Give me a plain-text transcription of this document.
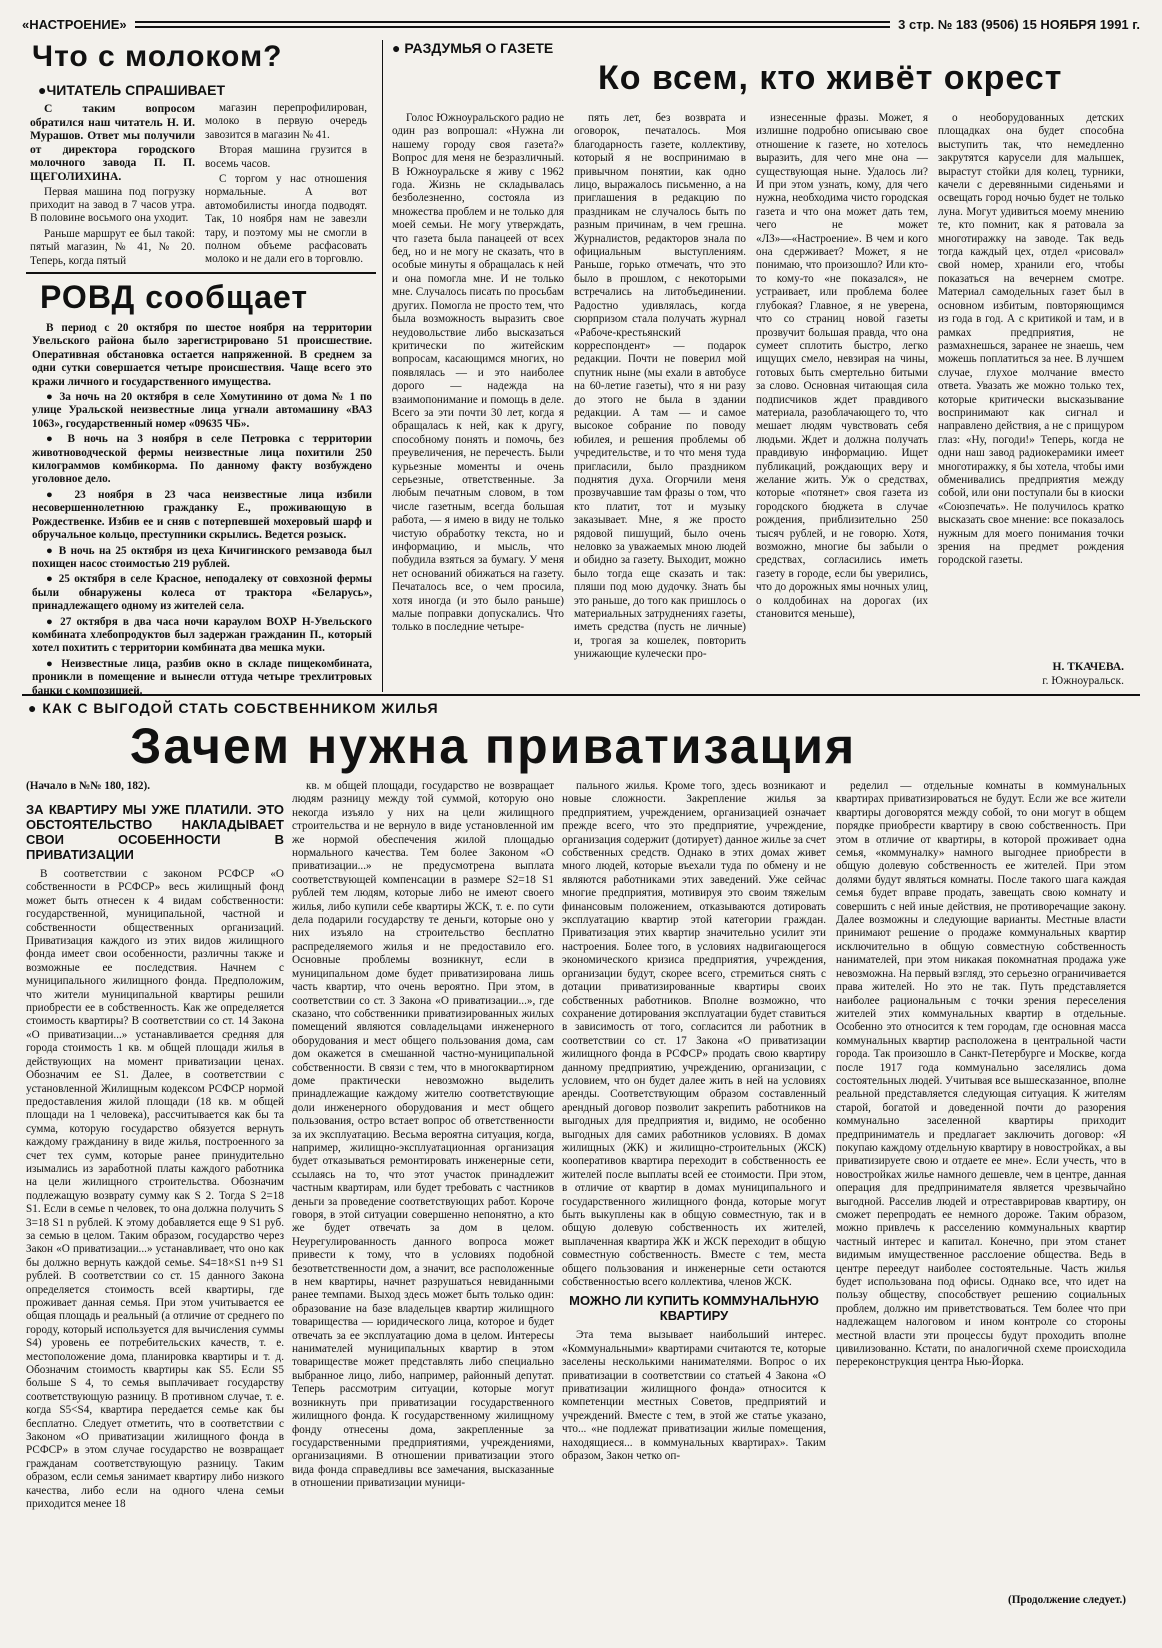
«НАСТРОЕНИЕ»	3 стр. № 183 (9506) 15 НОЯБРЯ 1991 г.
Что с молоком?
●ЧИТАТЕЛЬ СПРАШИВАЕТ

С таким вопросом обратился наш читатель Н. И. Мурашов. Ответ мы получили от директора городского молочного завода П. П. ЩЕГОЛИХИНА.

Первая машина под погрузку приходит на завод в 7 часов утра. В половине восьмого она уходит.

Раньше маршрут ее был такой: пятый магазин, № 41, № 20. Теперь, когда пятый

магазин перепрофилирован, молоко в первую очередь завозится в магазин № 41.

Вторая машина грузится в восемь часов.

С торгом у нас отношения нормальные. А вот автомобилисты иногда подводят. Так, 10 ноября нам не завезли тару, и поэтому мы не смогли в полном объеме расфасовать молоко и не дали его в торговлю.

РОВД сообщает

В период с 20 октября по шестое ноября на территории Увельского района было зарегистрировано 51 происшествие. Оперативная обстановка остается напряженной. В среднем за одни сутки совершается четыре происшествия. Чаще всего это кражи личного и государственного имущества.

● За ночь на 20 октября в селе Хомутинино от дома № 1 по улице Уральской неизвестные лица угнали автомашину «ВАЗ 1063», государственный номер «09635 ЧБ».

● В ночь на 3 ноября в селе Петровка с территории животноводческой фермы неизвестные лица похитили 250 килограммов комбикорма. По данному факту возбуждено уголовное дело.

● 23 ноября в 23 часа неизвестные лица избили несовершеннолетнюю гражданку Е., проживающую в Рождественке. Избив ее и сняв с потерпевшей мохеровый шарф и обручальное кольцо, преступники скрылись. Ведется розыск.

● В ночь на 25 октября из цеха Кичигинского ремзавода был похищен насос стоимостью 219 рублей.

● 25 октября в селе Красное, неподалеку от совхозной фермы были обнаружены колеса от трактора «Беларусь», принадлежащего одному из жителей села.

● 27 октября в два часа ночи караулом ВОХР Н-Увельского комбината хлебопродуктов был задержан гражданин П., который хотел похитить с территории комбината два мешка муки.

● Неизвестные лица, разбив окно в складе пищекомбината, проникли в помещение и вынесли оттуда четыре трехлитровых банки с композицией.

● РАЗДУМЬЯ О ГАЗЕТЕ
Ко всем, кто живёт окрест

Голос Южноуральского радио не один раз вопрошал: «Нужна ли нашему городу своя газета?» Вопрос для меня не безразличный. В Южноуральске я живу с 1962 года. Жизнь не складывалась безболезненно, состояла из множества проблем и не только для моей семьи. Не могу утверждать, что газета была панацеей от всех бед, но и не могу не сказать, что в особые минуты я обращалась к ней и она помогла мне. И не только мне. Случалось писать по просьбам других. Помогла не просто тем, что была возможность выразить свое неудовольствие либо высказаться критически по житейским вопросам, касающимся многих, но появлялась — и это наиболее дорого — надежда на взаимопонимание и помощь в деле. Всего за эти почти 30 лет, когда я обращалась к ней, как к другу, способному понять и помочь, без преувеличения, не перечесть. Были курьезные моменты и очень серьезные, ответственные. За любым печатным словом, в том числе газетным, всегда большая работа, — я имею в виду не только чистую обработку текста, но и информацию, и мысль, что побудила взяться за бумагу. У меня нет оснований обижаться на газету. Печаталось все, о чем просила, хотя иногда (и это было раньше) малые поправки допускались. Что только в последние четыре-

пять лет, без возврата и оговорок, печаталось. Моя благодарность газете, коллективу, который я не воспринимаю в привычном понятии, как одно лицо, выражалось письменно, а на приглашения в редакцию по праздникам не случалось быть по разным причинам, в чем грешна. Журналистов, редакторов знала по официальным выступлениям. Раньше, горько отмечать, что это было в прошлом, с некоторыми встречались на литобъединении. Радостно удивлялась, когда сюрпризом стала получать журнал «Рабоче-крестьянский корреспондент» — подарок редакции. Почти не поверил мой спутник ныне (мы ехали в автобусе на 60-летие газеты), что я ни разу до этого не была в здании редакции. А там — и самое высокое собрание по поводу юбилея, и решения проблемы об учредительстве, и то что меня туда пригласили, было праздником поднятия духа. Огорчили меня прозвучавшие там фразы о том, что кто платит, тот и музыку заказывает. Мне, я же просто рядовой пишущий, было очень неловко за уважаемых мною людей и обидно за газету. Выходит, можно было тогда еще сказать и так: пляши под мою дудочку. Знать бы это раньше, до того как пришлось о материальных затруднениях газеты, иметь средства (пусть не личные) и, трогая за кошелек, повторить унижающие кулечески про-

изнесенные фразы. Может, я излишне подробно описываю свое отношение к газете, но хотелось выразить, для чего мне она — существующая ныне. Удалось ли? И при этом узнать, кому, для чего нужна, необходима чисто городская газета и что она может дать тем, чего не может «ЛЗ»—«Настроение». В чем и кого она сдерживает? Может, я не понимаю, что произошло? Или кто-то кому-то «не показался», не устраивает, или проблема более глубокая? Главное, я не уверена, что со страниц новой газеты прозвучит большая правда, что она сумеет сплотить быстро, легко ищущих смело, невзирая на чины, готовых быть смертельно битыми за слово. Основная читающая сила подписчиков ждет правдивого материала, разоблачающего то, что мешает людям чувствовать себя людьми. Ждет и должна получать правдивую информацию. Ищет публикаций, рождающих веру и желание жить. Уж о средствах, которые «потянет» своя газета из городского бюджета в случае рождения, приблизительно 250 тысяч рублей, и не говорю. Хотя, возможно, многие бы забыли о средствах, согласились иметь газету в городе, если бы уверились, что до дорожных ямы ночных улиц, о колдобинах на дорогах (их становится меньше),

о необорудованных детских площадках она будет способна выступить так, что немедленно закрутятся карусели для малышек, вырастут стойки для колец, турники, качели с деревянными сиденьями и освещать город ночью будет не только луна. Могут удивиться моему мнению те, кто помнит, как я ратовала за многотиражку на заводе. Так ведь тогда каждый цех, отдел «рисовал» свой номер, хранили его, чтобы показаться на вечернем смотре. Материал самодельных газет был в основном избитым, повторяющимся из года в год. А с критикой и там, и в рамках предприятия, не размахнешься, заранее не знаешь, чем можешь поплатиться за нее. В лучшем случае, глухое молчание вместо ответа. Увазать же можно только тех, которые критически высказывание воспринимают как сигнал и направлено действия, а не с прищуром глаз: «Ну, погоди!» Теперь, когда не одни наш завод радиокерамики имеет многотиражку, я бы хотела, чтобы ими обменивались предприятия между собой, или они поступали бы в киоски «Союзпечать». Не получилось кратко высказать свое мнение: все показалось нужным для моего понимания точки зрения на предмет рождения городской газеты.

Н. ТКАЧЕВА.
г. Южноуральск.
● КАК С ВЫГОДОЙ СТАТЬ СОБСТВЕННИКОМ ЖИЛЬЯ
Зачем нужна приватизация
(Начало в №№ 180, 182).
ЗА КВАРТИРУ МЫ УЖЕ ПЛАТИЛИ. ЭТО ОБСТОЯТЕЛЬСТВО НАКЛАДЫВАЕТ СВОИ ОСОБЕННОСТИ В ПРИВАТИЗАЦИИ

В соответствии с законом РСФСР «О собственности в РСФСР» весь жилищный фонд может быть отнесен к 4 видам собственности: государственной, муниципальной, частной и собственности общественных организаций. Приватизация каждого из этих видов жилищного фонда имеет свои особенности, различны также и возможные ее последствия. Начнем с муниципального жилищного фонда. Предположим, что жители муниципальной квартиры решили приобрести ее в собственность. Как же определяется стоимость квартиры? В соответствии со ст. 14 Закона «О приватизации...» устанавливается средняя для города стоимость 1 кв. м общей площади жилья в действующих на момент приватизации ценах. Обозначим ее S1. Далее, в соответствии с установленной Жилищным кодексом РСФСР нормой предоставления жилой площади (18 кв. м общей площади на 1 человека), рассчитывается как бы та сумма, которую государство обязуется вернуть каждому гражданину в виде жилья, построенного за счет тех сумм, которые ранее принудительно изымались из заработной платы каждого работника на цели жилищного строительства. Обозначим подлежащую возврату сумму как S 2. Тогда S 2=18 S1. Если в семье n человек, то она должна получить S 3=18 S1 n рублей. К этому добавляется еще 9 S1 руб. за семью в целом. Таким образом, государство через Закон «О приватизации...» устанавливает, что оно как бы должно вернуть каждой семье. S4=18×S1 n+9 S1 рублей. В соответствии со ст. 15 данного Закона определяется стоимость всей квартиры, где проживает данная семья. При этом учитывается ее общая площадь и реальный (а отличие от среднего по городу, который используется для вычисления суммы S4) уровень ее потребительских качеств, т. е. местоположение дома, планировка квартиры и т. д. Обозначим стоимость квартиры как S5. Если S5 больше S 4, то семья выплачивает государству соответствующую разницу. В противном случае, т. е. когда S5<S4, квартира передается семье как бы бесплатно. Следует отметить, что в соответствии с Законом «О приватизации жилищного фонда в РСФСР» в этом случае государство не возвращает гражданам соответствующую разницу. Таким образом, если семья занимает квартиру либо низкого качества, либо если на одного члена семьи приходится менее 18

кв. м общей площади, государство не возвращает людям разницу между той суммой, которую оно некогда изъяло у них на цели жилищного строительства и не вернуло в виде установленной им же нормой обеспечения жилой площадью нормального качества. Тем более Законом «О приватизации...» не предусмотрена выплата соответствующей компенсации в размере S2=18 S1 рублей тем людям, которые либо не имеют своего жилья, либо купили себе квартиры ЖСК, т. е. по сути дела подарили государству те деньги, которые оно у них изъяло на строительство бесплатно распределяемого жилья и не предоставило его. Основные проблемы возникнут, если в муниципальном доме будет приватизирована лишь часть квартир, что очень вероятно. При этом, в соответствии со ст. 3 Закона «О приватизации...», где сказано, что собственники приватизированных жилых помещений являются совладельцами инженерного оборудования и мест общего пользования дома, сам дом окажется в смешанной частно-муниципальной собственности. В связи с тем, что в многоквартирном доме практически невозможно выделить принадлежащие каждому жителю соответствующие доли инженерного оборудования и мест общего пользования, остро встает вопрос об ответственности за их эксплуатацию. Весьма вероятна ситуация, когда, например, жилищно-эксплуатационная организация будет отказываться ремонтировать инженерные сети, ссылаясь на то, что этот участок принадлежит частным квартирам, или будет требовать с частников деньги за проведение соответствующих работ. Короче говоря, в этой ситуации совершенно непонятно, а кто же будет отвечать за дом в целом. Неурегулированность данного вопроса может привести к тому, что в условиях подобной безответственности дом, а значит, все расположенные в нем квартиры, начнет разрушаться невиданными ранее темпами. Выход здесь может быть только один: образование на базе владельцев квартир жилищного товарищества — юридического лица, которое и будет отвечать за ее эксплуатацию дома в целом. Интересы нанимателей муниципальных квартир в этом товариществе может представлять либо специально выбранное лицо, либо, например, районный депутат. Теперь рассмотрим ситуации, которые могут возникнуть при приватизации государственного жилищного фонда. К государственному жилищному фонду отнесены дома, закрепленные за государственными предприятиями, учреждениями, организациями. В отношении приватизации этого вида фонда справедливы все замечания, высказанные в отношении приватизации муници-

пального жилья. Кроме того, здесь возникают и новые сложности. Закрепление жилья за предприятием, учреждением, организацией означает прежде всего, что это предприятие, учреждение, организация содержит (дотирует) данное жилье за счет собственных средств. Однако в этих домах живет много людей, которые въехали туда по обмену и не являются работниками этих заведений. Уже сейчас многие предприятия, мотивируя это своим тяжелым финансовым положением, отказываются дотировать эксплуатацию квартир этой категории граждан. Приватизация этих квартир значительно усилит эти настроения. Более того, в условиях надвигающегося экономического кризиса предприятия, учреждения, организации будут, скорее всего, стремиться снять с дотации приватизированные квартиры своих собственных работников. Вполне возможно, что сохранение дотирования эксплуатации будет ставиться в зависимость от того, согласится ли работник в соответствии со ст. 17 Закона «О приватизации жилищного фонда в РСФСР» продать свою квартиру данному предприятию, учреждению, организации, с условием, что он будет далее жить в ней на условиях аренды. Соответствующим образом составленный арендный договор позволит закрепить работников на выгодных для предприятия и, видимо, не особенно выгодных для самих работников условиях. В домах жилищных (ЖК) и жилищно-строительных (ЖСК) кооперативов квартира переходит в собственность ее жителей после выплаты всей ее стоимости. При этом, в отличие от квартир в домах муниципального и государственного жилищного фонда, которые могут быть выкуплены как в общую совместную, так и в общую долевую собственность их жителей, выплаченная квартира ЖК и ЖСК переходит в общую совместную собственность. Вместе с тем, места общего пользования и инженерные сети остаются собственностью всего коллектива, членов ЖСК.

МОЖНО ЛИ КУПИТЬ КОММУНАЛЬНУЮ КВАРТИРУ

Эта тема вызывает наибольший интерес. «Коммунальными» квартирами считаются те, которые заселены несколькими нанимателями. Вопрос о их приватизации в соответствии со статьей 4 Закона «О приватизации жилищного фонда» относится к компетенции местных Советов, предприятий и учреждений. Вместе с тем, в этой же статье указано, что... «не подлежат приватизации жилые помещения, находящиеся... в коммунальных квартирах». Таким образом, Закон четко оп-

ределил — отдельные комнаты в коммунальных квартирах приватизироваться не будут. Если же все жители квартиры договорятся между собой, то они могут в общем порядке приобрести квартиру в свою собственность. При этом в отличие от квартиры, в которой проживает одна семья, «коммуналку» намного выгоднее приобрести в общую долевую собственность ее жителей. При этом долями будут являться комнаты. После такого шага каждая семья будет вправе продать, завещать свою комнату и совершить с ней иные действия, не противоречащие закону. Далее возможны и следующие варианты. Местные власти принимают решение о продаже коммунальных квартир исключительно в общую совместную собственность нанимателей, при этом никакая покомнатная продажа уже невозможна. На первый взгляд, это серьезно ограничивается права жителей. Но это не так. Путь представляется наиболее рациональным с точки зрения переселения жителей этих коммунальных квартир в отдельные. Особенно это относится к тем городам, где основная масса коммунальных квартир расположена в центральной части города. Так произошло в Санкт-Петербурге и Москве, когда после 1917 года коммунально заселялись дома состоятельных людей. Учитывая все вышесказанное, вполне реальной представляется следующая ситуация. К жителям старой, богатой и доведенной почти до разорения коммунально заселенной квартиры приходит предприниматель и предлагает заключить договор: «Я покупаю каждому отдельную квартиру в новостройках, а вы приватизируете свою и отдаете ее мне». Если учесть, что в новостройках жилье намного дешевле, чем в центре, данная операция для предпринимателя является чрезвычайно выгодной. Расселив людей и отреставрировав квартиру, он сможет перепродать ее немного дороже. Таким образом, можно привлечь к расселению коммунальных квартир частный интерес и капитал. Конечно, при этом станет видимым имущественное расслоение общества. Ведь в центре переедут наиболее состоятельные. Часть жилья будет использована под офисы. Однако все, что идет на пользу обществу, способствует решению социальных проблем, должно им приветствоваться. Тем более что при надлежащем налоговом и ином контроле со стороны местной власти эти процессы будут проходить вполне цивилизованно. Кстати, по аналогичной схеме происходила перереконструкция центра Нью-Йорка.

(Продолжение следует.)
